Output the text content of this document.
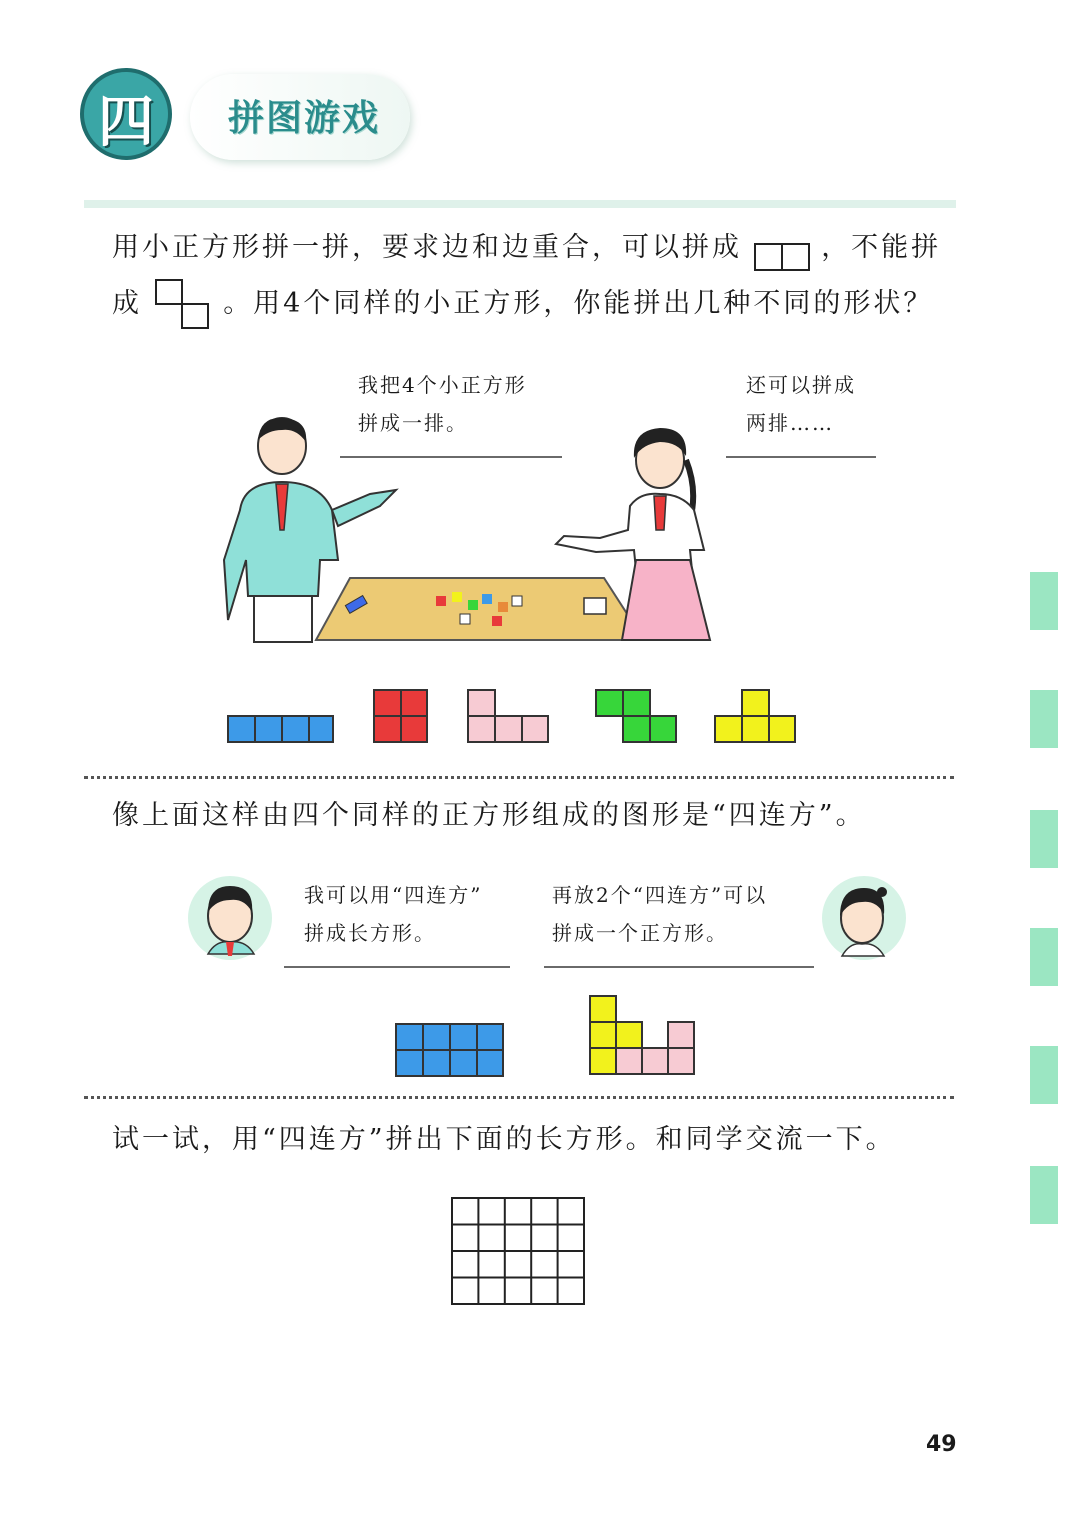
四	拼图游戏
用小正方形拼一拼，要求边和边重合，可以拼成	，不能拼
成	。用4个同样的小正方形，你能拼出几种不同的形状？
我把4个小正方形
拼成一排。
还可以拼成
两排……
像上面这样由四个同样的正方形组成的图形是“四连方”。
我可以用“四连方”
拼成长方形。
再放2个“四连方”可以
拼成一个正方形。
试一试，用“四连方”拼出下面的长方形。和同学交流一下。
49
